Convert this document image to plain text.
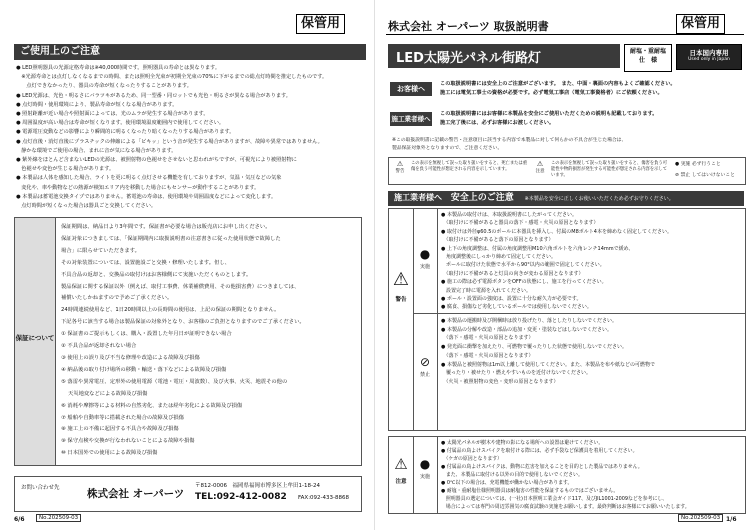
保管用
ご使用上のご注意
● LED照明器具の光源定格寿命は※40,000時間です。照明器具の寿命とは異なります。
　※光源寿命とは点灯しなくなるまでの時間、または照明全光束が初期全光束の70%に下がるまでの総点灯時間を推定したものです。
　　点灯できなかったり、器具の寿命が短くなったりすることがあります。
● LED光源は、光色・明るさにバラツキがあるため、同一型番・同ロットでも光色・明るさが異なる場合があります。
● 点灯時間・使用環境により、製品寿命が短くなる場合があります。
● 照射距離が近い場合や照射面によっては、光のムラが発生する場合があります。
● 周囲温度が高い場合は寿命が短くなります。使用環境温度範囲内で使用してください。
● 電源電圧変動などの影響により瞬間的に明るくなったり暗くなったりする場合があります。
● 点灯直後・消灯直後にプラスチックの伸縮による「ピキッ」という音が発生する場合がありますが、故障や異常ではありません。
　静かな環境でご使用の場合、まれに音が気になる場合があります。
● 紫外線をほとんど含まないLEDの光源は、被照射物の色褪せをさせないと思われがちですが、可視光により被照射物に
　色褪せや変色が生じる場合があります。
● 本製品は人体を感知した場合、ライトを更に明るく点灯させる機能を有しておりますが、気温・気圧などの気象
　変化や、車や動物などの熱源が検知エリア内を移動した場合にもセンサーが動作することがあります。
● 本製品は蓄電池交換タイプではありません。蓄電池の寿命は、使用環境や周囲温度などによって変化します。
　点灯時間が短くなった場合は器具ごと交換してください。
保証について
保証期間は、納品日より3年間です。保証書が必要な場合は販売店にお申し出ください。
保証対象につきましては、「保証期間内に取扱説明書の注意書きに従った使用状態で故障した
場合」に限らせていただきます。
その対象装置については、設置施設ごと交換・修理いたします。但し、
不具合品の返却と、交換品の取付けはお客様側にて実施いただくものとします。
製品保証に関する保証以外（例えば、取付工事費、休業補償費用、その他損害費）につきましては、
補償いたしかねますので予めご了承ください。
24時間連続使用など、1日20時間以上の長時間の使用は、上記の保証の期間となりません。
下記各号に該当する場合は製品保証の対象外となり、お客様のご負担となりますのでご了承ください。
① 保証書のご提示もしくは、購入・設置した年月日が証明できない場合
② 不具合品が返却されない場合
③ 使用上の誤り及び不当な修理や改造による故障及び損傷
④ 納品後の取り付け場所の移動・輸送・落下などによる故障及び損傷
⑤ 落雷や異常電圧、定形外の使用電源（電池・電圧・周波数）、及び火事、火災、地震その他の
　 天災地変などによる故障及び損傷
⑥ 消耗や摩擦等による材料の自然劣化、または経年劣化による故障及び損傷
⑦ 船舶や自動車等に搭載された場合の故障及び損傷
⑧ 施工上の不備に起因する不具合や故障及び損傷
⑨ 保守点検や交換が行なわれないことによる故障や損傷
⑩ 日本国外での使用による故障及び損傷
お問い合わせ先	株式会社 オーパーツ
〒812-0006　福岡県福岡市博多区上牟田1-18-24
TEL:092-412-0082 FAX:092-433-8868
6/6	No.202509-03
株式会社 オーパーツ 取扱説明書	保管用
LED太陽光パネル街路灯	耐塩・重耐塩
仕　様
日本国内専用
Used only in Japan
お客様へ
この取扱説明書には安全上のご注意がございます。　また、中面・裏面の内容もよくご確認ください。
施工には電気工事士の資格が必要です。必ず電気工事店（電気工事資格者）にご依頼ください。
施工業者様へ
この取扱説明書にはお客様に本製品を安全にご使用いただくための説明も記載しております。
施工完了後には、必ずお客様にお渡しください。
※この取扱説明書に記載の警告・注意項目に該当する内容で本製品に対して何らかの不具合が生じた場合は、
製品保証対象外となりますので、ご注意ください。
⚠
警告
この表示を無視して誤った取り扱いをすると、死亡または重傷を負う可能性が想定される内容を示しています。
⚠
注意
この表示を無視して誤った取り扱いをすると、傷害を負う可能性や物的損害が発生する可能性が想定される内容を示しています。
● 実施 必ず行うこと
⊘ 禁止 してはいけないこと
施工業者様へ 安全上のご注意 ※本製品を安全に正しくお使いいただくため必ずお守りください。
⚠
警告
●
実施
⊘
禁止
● 本製品の取付けは、本取扱説明書にしたがってください。
　（取付けに不備があると器具の落下・感電・火災の原因となります）
● 取付けは外径φ60.5のポールに本器具を挿入し、付属のM8ボルト4本を締めなく固定してください。
　（取付けに不備があると落下の原因となります）
● 上下の角度調整は、付属の角度調整用M10六角ボルトを六角レンチ14mmで緩め、
　角度調整後にしっかり締めて固定してください。
　ポールに取付けた状態で水平から90°以内の範囲で固定してください。
　（取付けに不備があると灯具の向きが変わる原因となります）
● 施工の際は必ず電源ボタンをOFFの状態にし、施工を行ってください。
　設置完了時に電源を入れてください。
● ポール・設置面の強度は、設置に十分な耐久力が必要です。
● 腐食、損傷など劣化しているポールでは使用しないでください。
● 本製品の運搬時及び開梱時は放り投げたり、落としたりしないでください。
● 本製品の分解や改造・部品の追加・変更・塗装などはしないでください。
　（落下・感電・火災の原因となります）
● 発光面に衝撃を加えたり、可燃物で覆ったりした状態で使用しないでください。
　（落下・感電・火災の原因となります）
● 本製品と被照射物は1m以上離して使用してください。また、本製品を布や紙などの可燃物で
　覆ったり・被せたり・燃えやすいものを近付けないでください。
　（火災・被照射物の変色・変形の原因となります）
⚠
注意
●
実施
● 太陽光パネルが樹木や建物の影になる場所への設置は避けてください。
● 付属品の鳥よけスパイクを取付ける際には、必ず手袋など保護具を着用してください。
　（ケガの原因となります）
● 付属品の鳥よけスパイクは、動物に危害を加えることを目的とした製品ではありません。
　また、本製品に取付ける以外の目的で使用しないでください。
● 0℃以下の場合は、充電機能が働かない場合があります。
● 耐塩・重耐塩仕様照明器具は耐塩害の性能を保証するものではございません。
　照明器具の選定については、(一社)日本照明工業会ガイド117、及びJIL1001-2009などを参考にし、
　場合によっては専門の周辺雰囲気の腐食試験の実施をお願いします。最終判断はお客様にてお願いいたします。
No.202509-03 1/6
